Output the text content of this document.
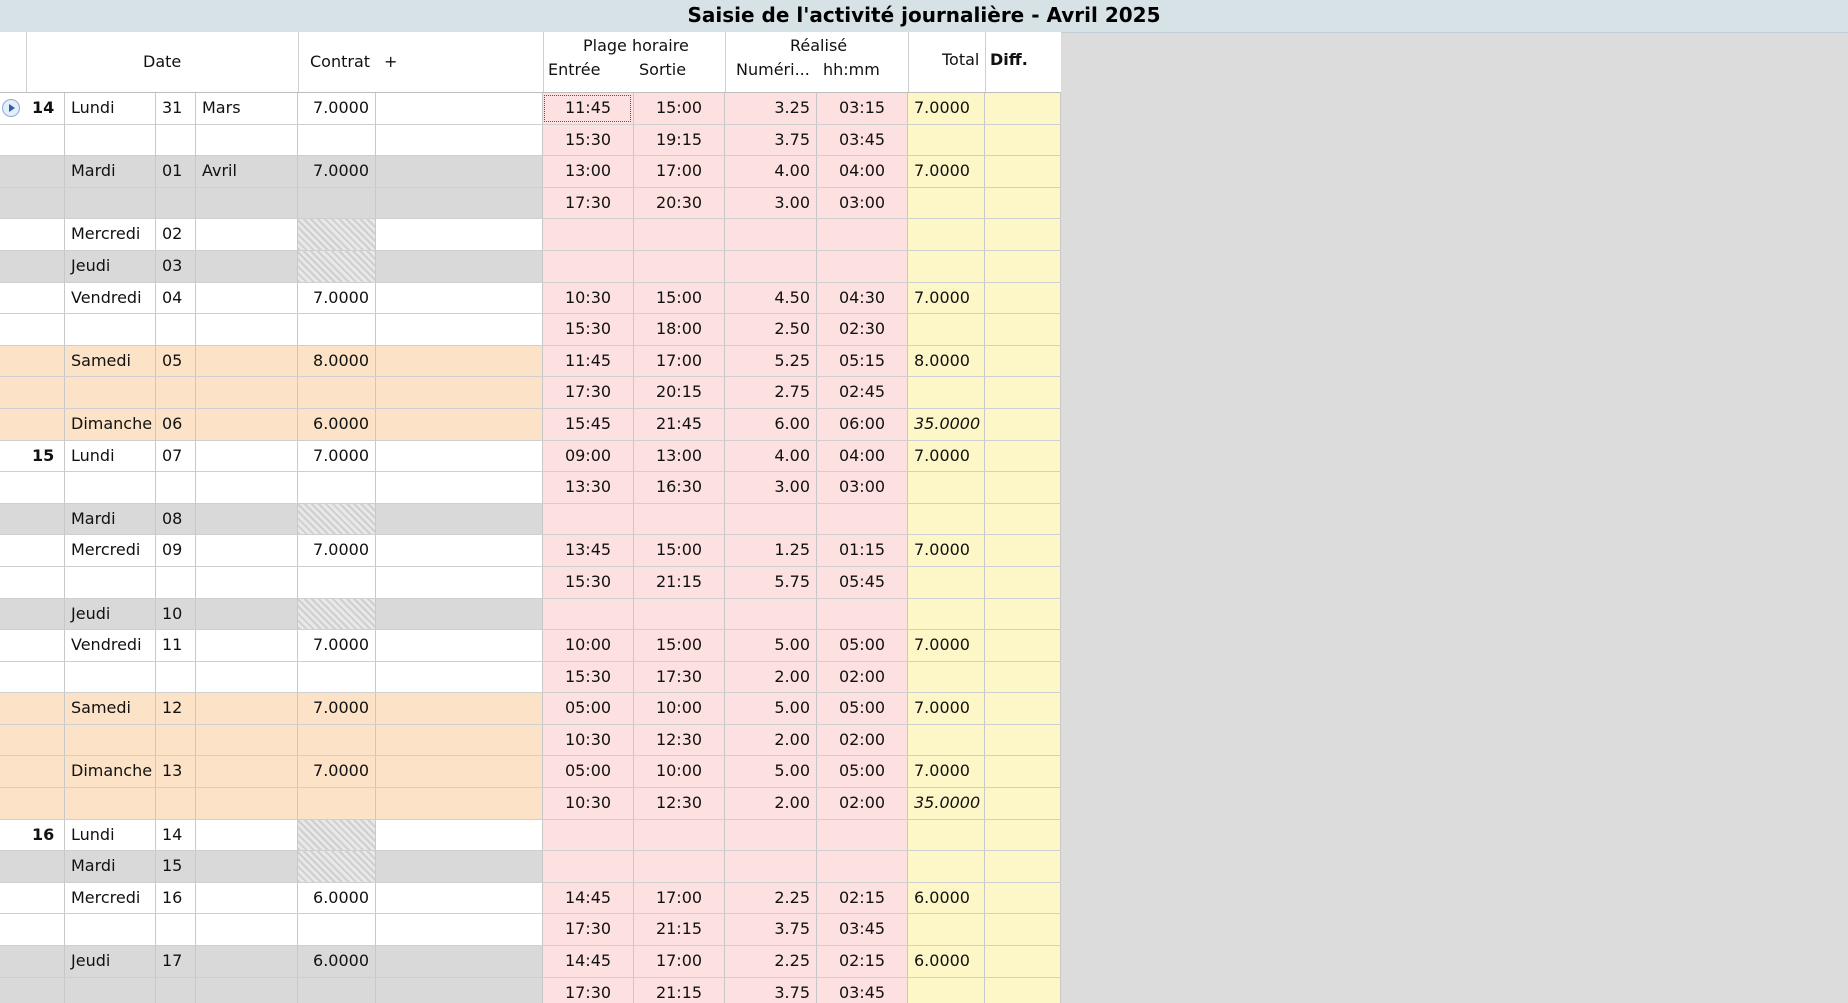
Saisie de l'activité journalière - Avril 2025
Date	Contrat +
Plage horaire
Entrée Sortie
Réalisé
Numéri... hh:mm
Total Diff.
14	Lundi	31	Mars	7.0000	11:45	15:00	3.25	03:15	7.0000
15:30	19:15	3.75	03:45
Mardi	01	Avril	7.0000	13:00	17:00	4.00	04:00	7.0000
17:30	20:30	3.00	03:00
Mercredi	02
Jeudi	03
Vendredi	04	7.0000	10:30	15:00	4.50	04:30	7.0000
15:30	18:00	2.50	02:30
Samedi	05	8.0000	11:45	17:00	5.25	05:15	8.0000
17:30	20:15	2.75	02:45
Dimanche 06	6.0000	15:45	21:45	6.00	06:00	35.0000
15	Lundi	07	7.0000	09:00	13:00	4.00	04:00	7.0000
13:30	16:30	3.00	03:00
Mardi	08
Mercredi	09	7.0000	13:45	15:00	1.25	01:15	7.0000
15:30	21:15	5.75	05:45
Jeudi	10
Vendredi	11	7.0000	10:00	15:00	5.00	05:00	7.0000
15:30	17:30	2.00	02:00
Samedi	12	7.0000	05:00	10:00	5.00	05:00	7.0000
10:30	12:30	2.00	02:00
Dimanche 13	7.0000	05:00	10:00	5.00	05:00	7.0000
10:30	12:30	2.00	02:00	35.0000
16	Lundi	14
Mardi	15
Mercredi	16	6.0000	14:45	17:00	2.25	02:15	6.0000
17:30	21:15	3.75	03:45
Jeudi	17	6.0000	14:45	17:00	2.25	02:15	6.0000
17:30	21:15	3.75	03:45
